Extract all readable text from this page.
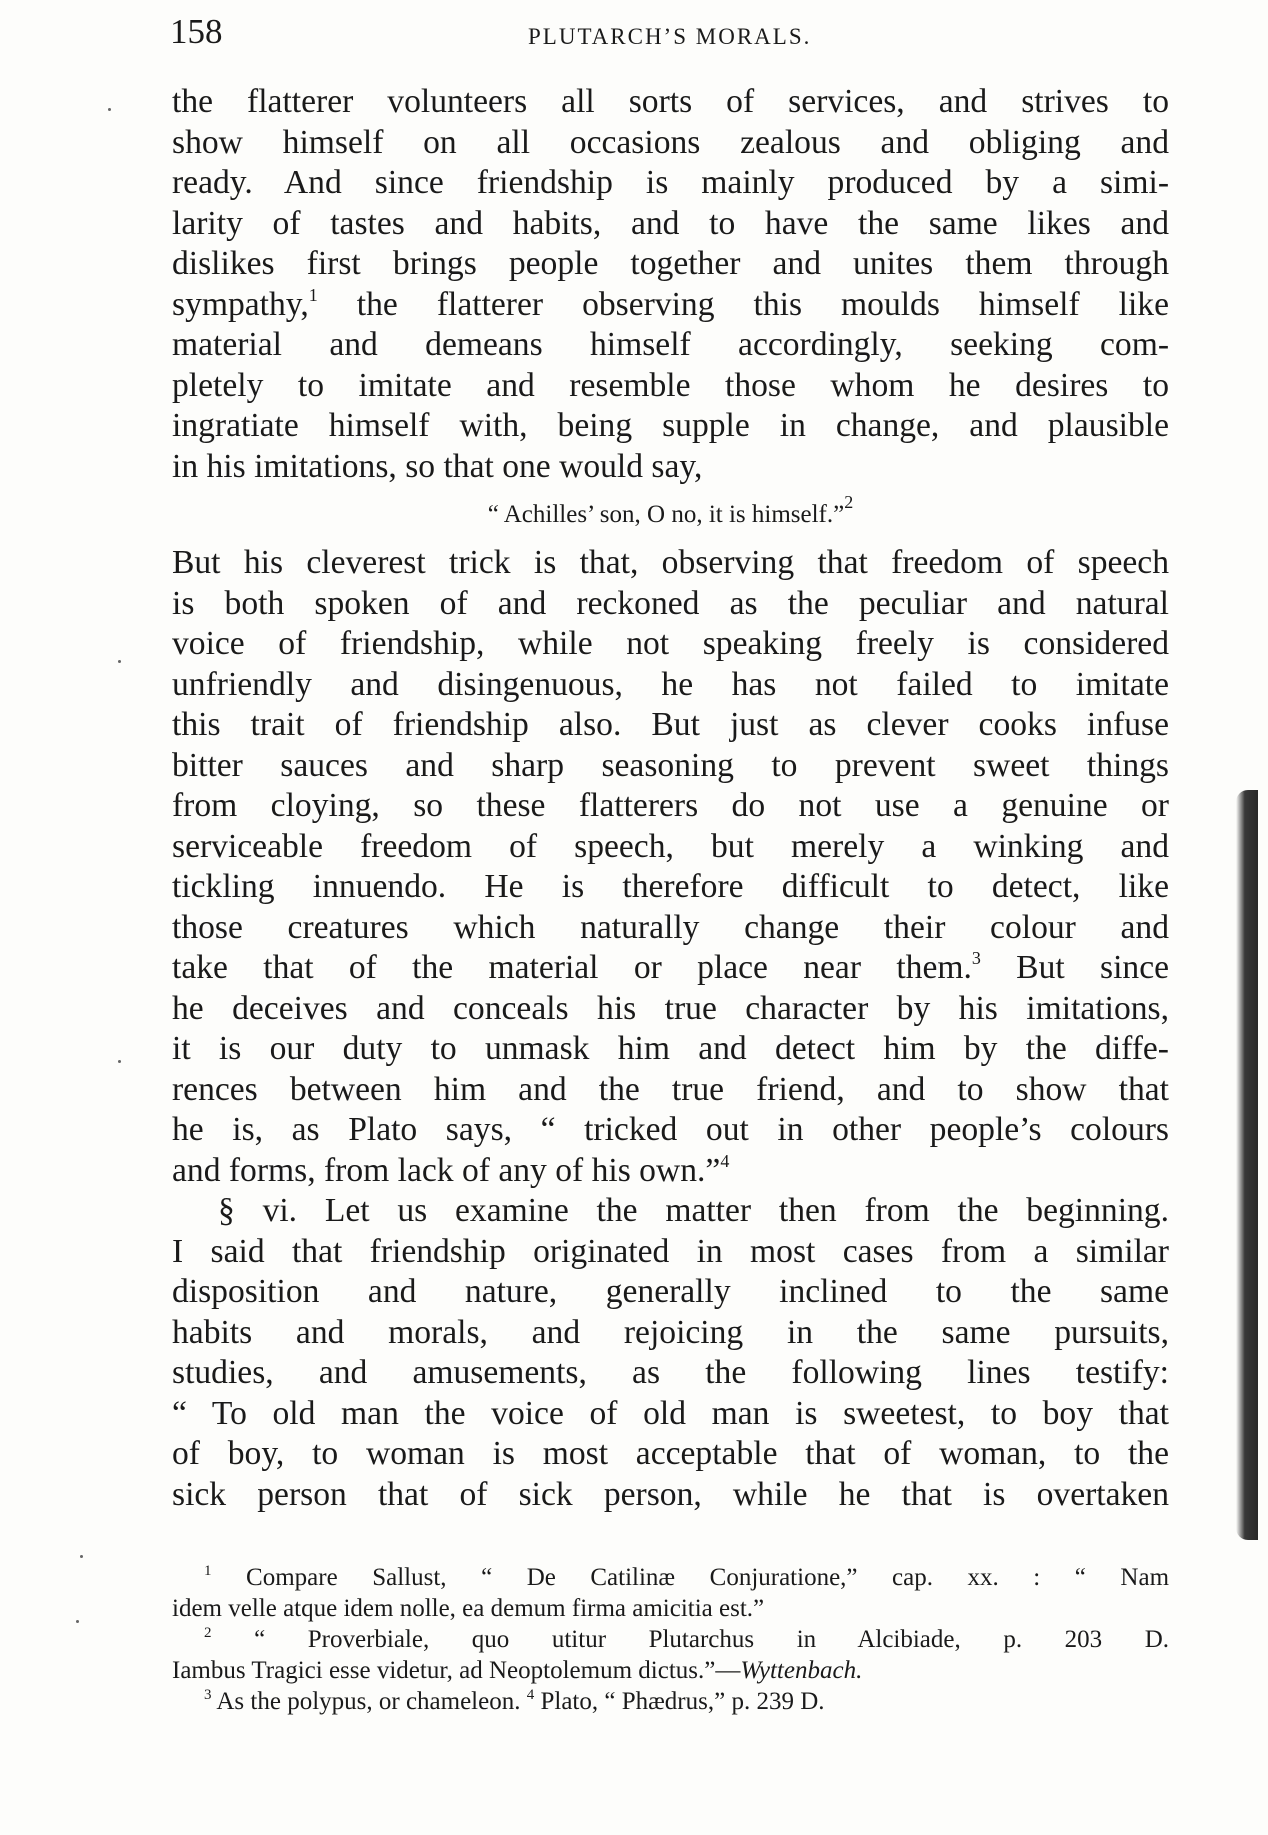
158	PLUTARCH’S MORALS.
the flatterer volunteers all sorts of services, and strives to
show himself on all occasions zealous and obliging and
ready. And since friendship is mainly produced by a simi-
larity of tastes and habits, and to have the same likes and
dislikes first brings people together and unites them through
sympathy,$^1$ the flatterer observing this moulds himself like
material and demeans himself accordingly, seeking com-
pletely to imitate and resemble those whom he desires to
ingratiate himself with, being supple in change, and plausible
in his imitations, so that one would say,
“ Achilles’ son, O no, it is himself.”$^2$
But his cleverest trick is that, observing that freedom of speech
is both spoken of and reckoned as the peculiar and natural
voice of friendship, while not speaking freely is considered
unfriendly and disingenuous, he has not failed to imitate
this trait of friendship also. But just as clever cooks infuse
bitter sauces and sharp seasoning to prevent sweet things
from cloying, so these flatterers do not use a genuine or
serviceable freedom of speech, but merely a winking and
tickling innuendo. He is therefore difficult to detect, like
those creatures which naturally change their colour and
take that of the material or place near them.$^3$ But since
he deceives and conceals his true character by his imitations,
it is our duty to unmask him and detect him by the diffe-
rences between him and the true friend, and to show that
he is, as Plato says, “ tricked out in other people’s colours
and forms, from lack of any of his own.”$^4$
§ vi. Let us examine the matter then from the beginning.
I said that friendship originated in most cases from a similar
disposition and nature, generally inclined to the same
habits and morals, and rejoicing in the same pursuits,
studies, and amusements, as the following lines testify:
“ To old man the voice of old man is sweetest, to boy that
of boy, to woman is most acceptable that of woman, to the
sick person that of sick person, while he that is overtaken
$^1$ Compare Sallust, “ De Catilinæ Conjuratione,” cap. xx. : “ Nam
idem velle atque idem nolle, ea demum firma amicitia est.”
$^2$ “ Proverbiale, quo utitur Plutarchus in Alcibiade, p. 203 D.
Iambus Tragici esse videtur, ad Neoptolemum dictus.”—Wyttenbach.
$^3$ As the polypus, or chameleon. $^4$ Plato, “ Phædrus,” p. 239 D.
